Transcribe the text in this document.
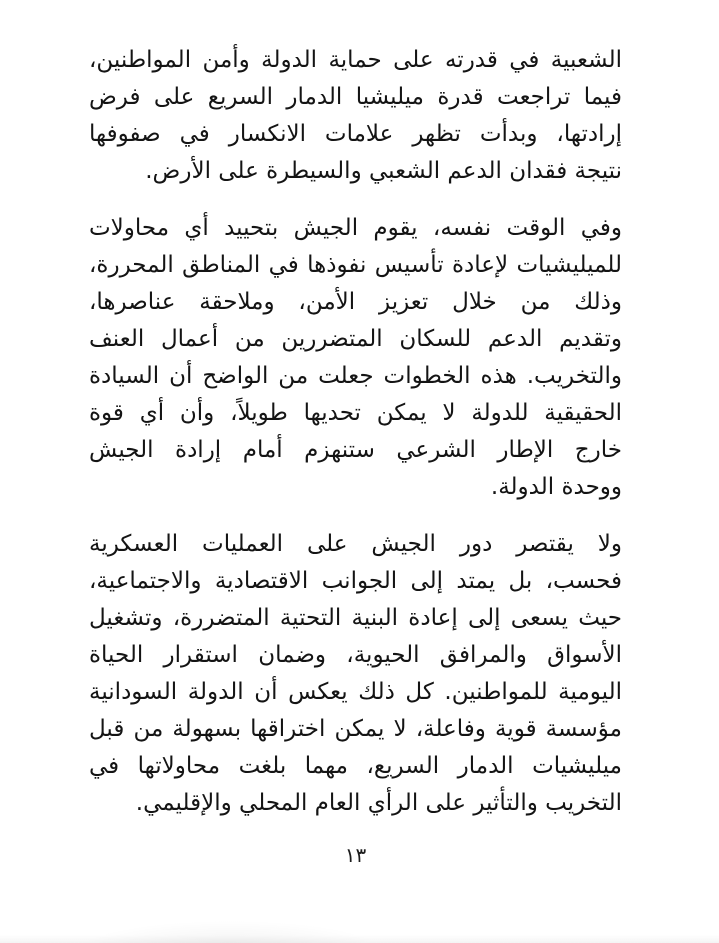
الشعبية في قدرته على حماية الدولة وأمن المواطنين،
فيما تراجعت قدرة ميليشيا الدمار السريع على فرض
إرادتها، وبدأت تظهر علامات الانكسار في صفوفها
نتيجة فقدان الدعم الشعبي والسيطرة على الأرض.
وفي الوقت نفسه، يقوم الجيش بتحييد أي محاولات
للميليشيات لإعادة تأسيس نفوذها في المناطق المحررة،
وذلك من خلال تعزيز الأمن، وملاحقة عناصرها،
وتقديم الدعم للسكان المتضررين من أعمال العنف
والتخريب. هذه الخطوات جعلت من الواضح أن السيادة
الحقيقية للدولة لا يمكن تحديها طويلاً، وأن أي قوة
خارج الإطار الشرعي ستنهزم أمام إرادة الجيش
ووحدة الدولة.
ولا يقتصر دور الجيش على العمليات العسكرية
فحسب، بل يمتد إلى الجوانب الاقتصادية والاجتماعية،
حيث يسعى إلى إعادة البنية التحتية المتضررة، وتشغيل
الأسواق والمرافق الحيوية، وضمان استقرار الحياة
اليومية للمواطنين. كل ذلك يعكس أن الدولة السودانية
مؤسسة قوية وفاعلة، لا يمكن اختراقها بسهولة من قبل
ميليشيات الدمار السريع، مهما بلغت محاولاتها في
التخريب والتأثير على الرأي العام المحلي والإقليمي.
١٣
